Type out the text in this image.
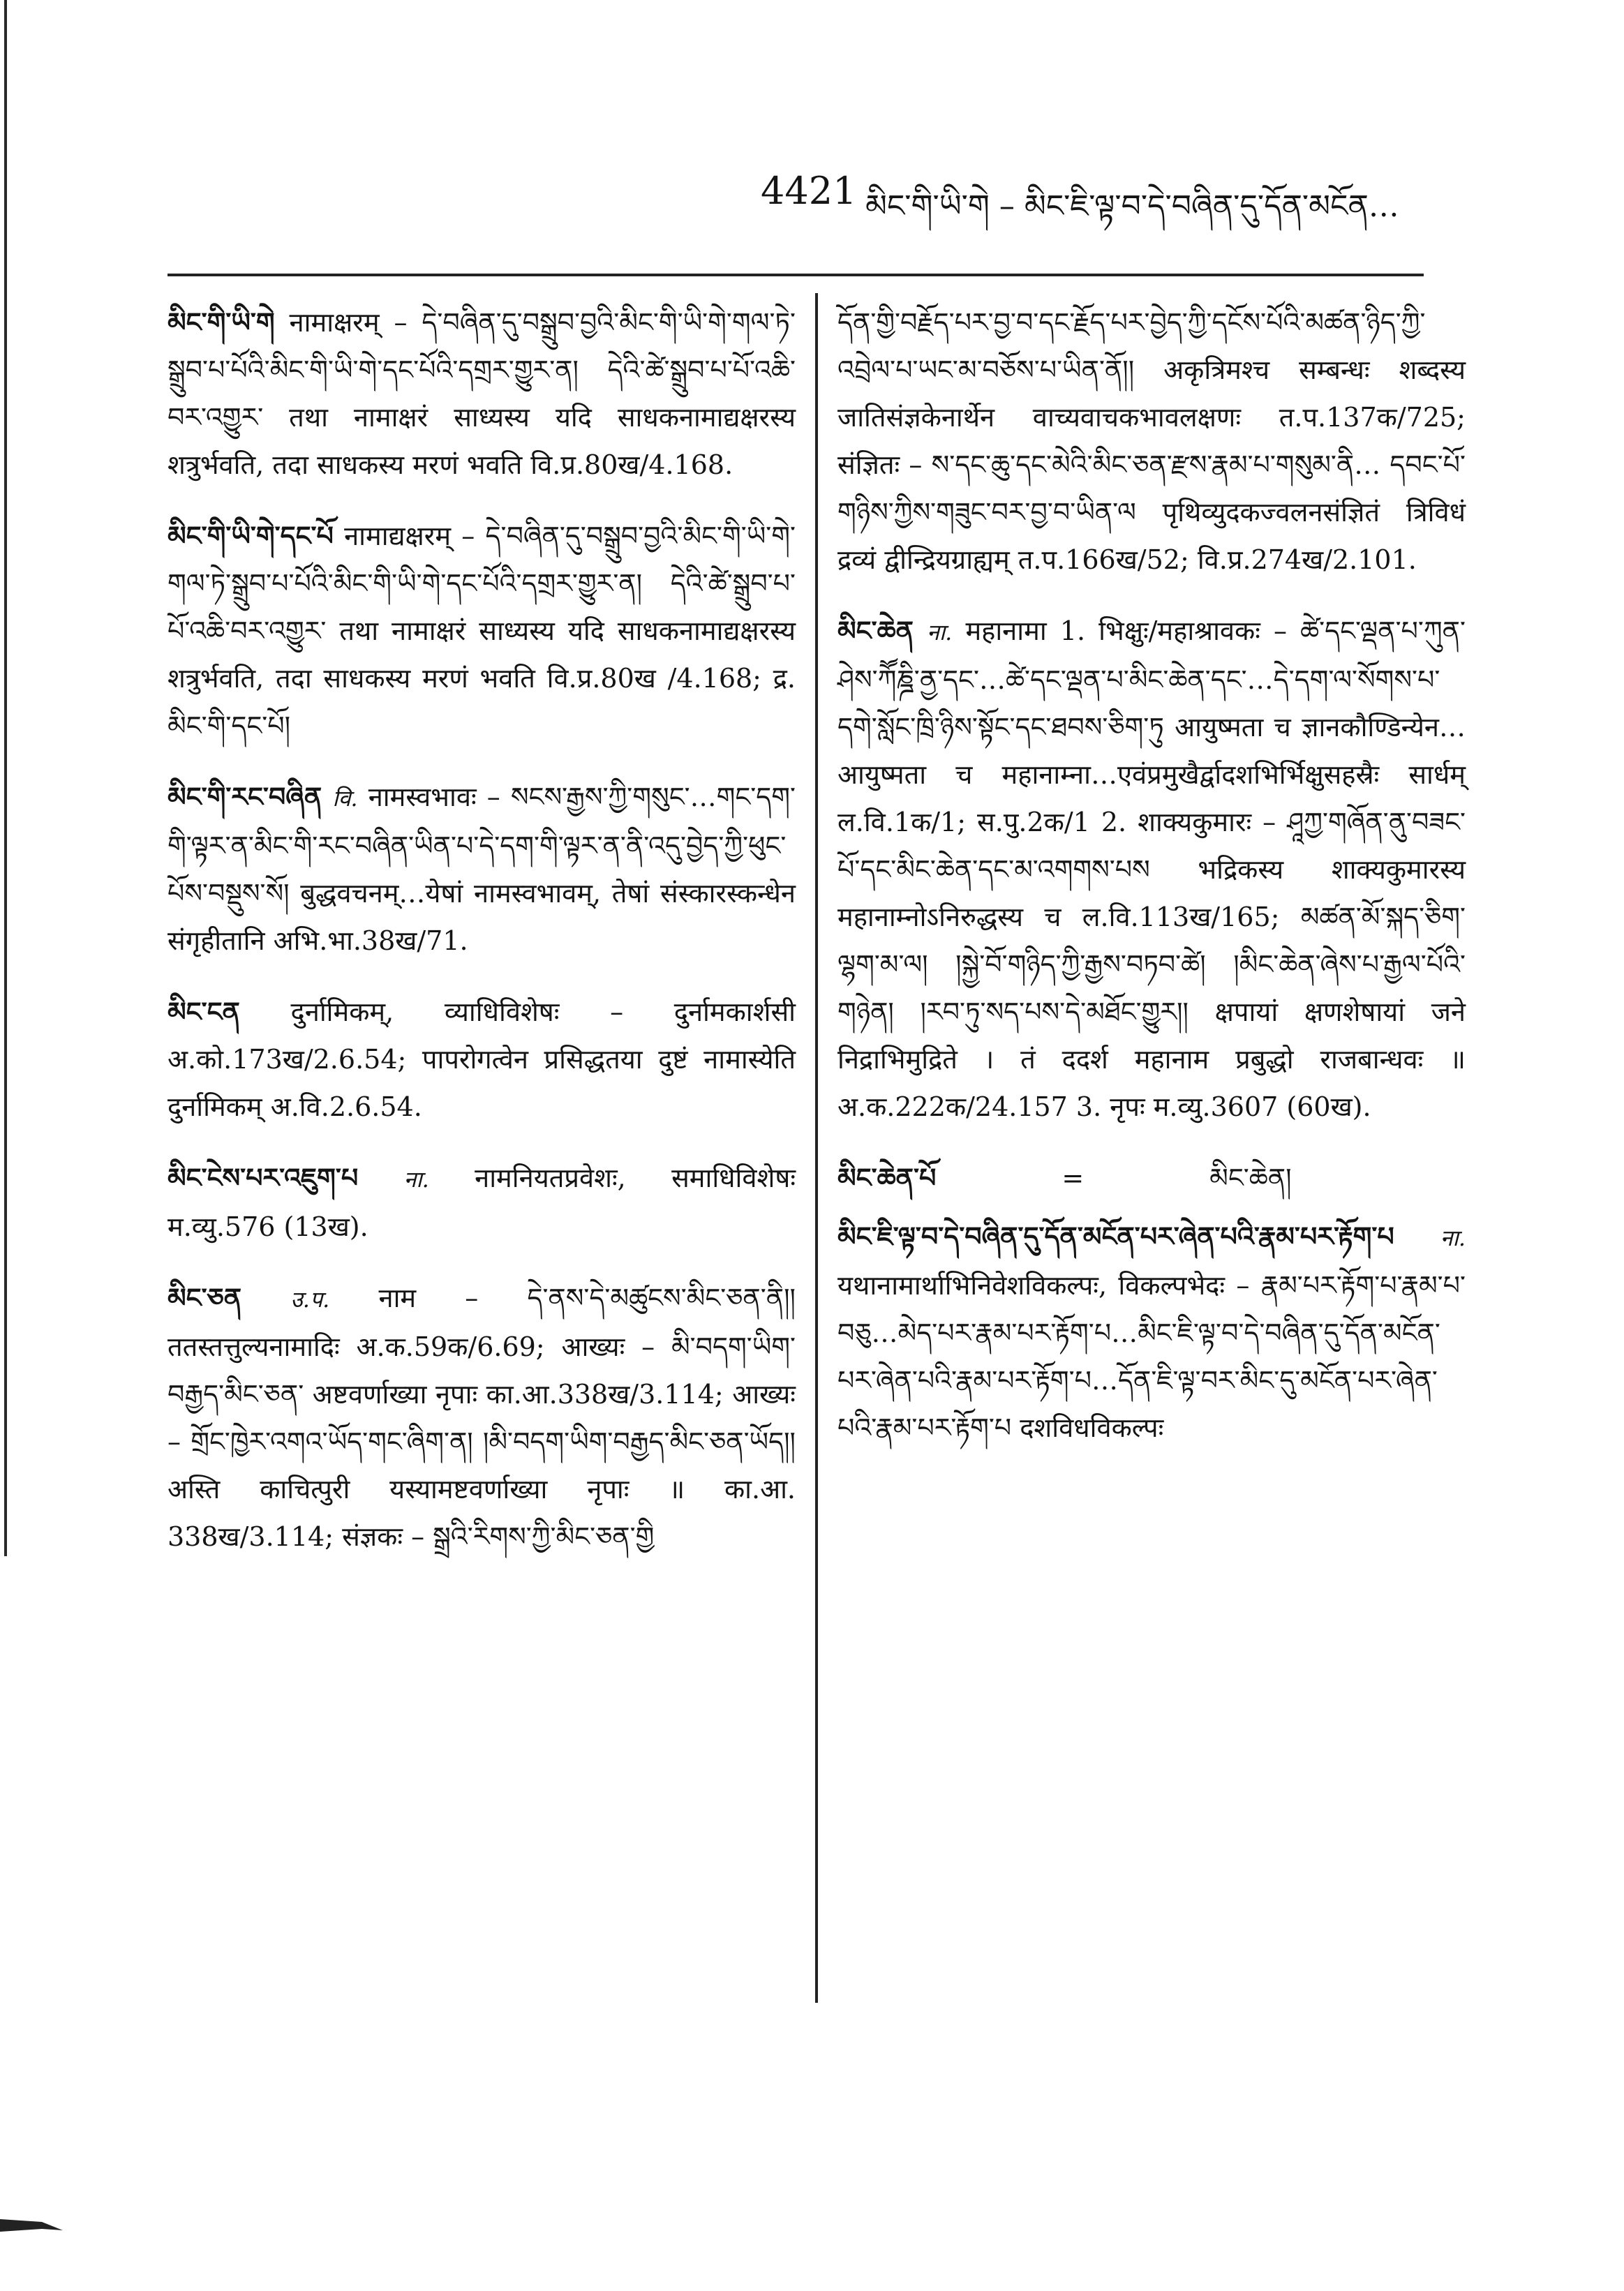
4421 མིང་གི་ཡི་གེ – མིང་ཇི་ལྟ་བ་དེ་བཞིན་དུ་དོན་མངོན…

མིང་གི་ཡི་གེ नामाक्षरम् – དེ་བཞིན་དུ་བསྒྲུབ་བྱའི་མིང་གི་ཡི་གེ་གལ་ཏེ་སྒྲུབ་པ་པོའི་མིང་གི་ཡི་གེ་དང་པོའི་དགྲར་གྱུར་ན། དེའི་ཚེ་སྒྲུབ་པ་པོ་འཆི་བར་འགྱུར་ तथा नामाक्षरं साध्यस्य यदि साधकनामाद्यक्षरस्य शत्रुर्भवति, तदा साधकस्य मरणं भवति वि.प्र.80ख/4.168.

མིང་གི་ཡི་གེ་དང་པོ नामाद्यक्षरम् – དེ་བཞིན་དུ་བསྒྲུབ་བྱའི་མིང་གི་ཡི་གེ་གལ་ཏེ་སྒྲུབ་པ་པོའི་མིང་གི་ཡི་གེ་དང་པོའི་དགྲར་གྱུར་ན། དེའི་ཚེ་སྒྲུབ་པ་པོ་འཆི་བར་འགྱུར་ तथा नामाक्षरं साध्यस्य यदि साधकनामाद्यक्षरस्य शत्रुर्भवति, तदा साधकस्य मरणं भवति वि.प्र.80ख /4.168; द्र. མིང་གི་དང་པོ།

མིང་གི་རང་བཞིན वि. नामस्वभावः – སངས་རྒྱས་ཀྱི་གསུང་…གང་དག་གི་ལྟར་ན་མིང་གི་རང་བཞིན་ཡིན་པ་དེ་དག་གི་ལྟར་ན་ནི་འདུ་བྱེད་ཀྱི་ཕུང་པོས་བསྡུས་སོ། बुद्धवचनम्…येषां नामस्वभावम्, तेषां संस्कारस्कन्धेन संगृहीतानि अभि.भा.38ख/71.

མིང་ངན दुर्नामिकम्, व्याधिविशेषः – दुर्नामकार्शसी अ.को.173ख/2.6.54; पापरोगत्वेन प्रसिद्धतया दुष्टं नामास्येति दुर्नामिकम् अ.वि.2.6.54.

མིང་ངེས་པར་འཇུག་པ ना. नामनियतप्रवेशः, समाधिविशेषः म.व्यु.576 (13ख).

མིང་ཅན उ.प. नाम – དེ་ནས་དེ་མཚུངས་མིང་ཅན་ནི།། ततस्तत्तुल्यनामादिः अ.क.59क/6.69; आख्यः – མི་བདག་ཡིག་བརྒྱད་མིང་ཅན་ अष्टवर्णाख्या नृपाः का.आ.338ख/3.114; आख्यः – གྲོང་ཁྱེར་འགའ་ཡོད་གང་ཞིག་ན། །མི་བདག་ཡིག་བརྒྱད་མིང་ཅན་ཡོད།། अस्ति काचित्पुरी यस्यामष्टवर्णाख्या नृपाः ॥ का.आ. 338ख/3.114; संज्ञकः – སྒྲའི་རིགས་ཀྱི་མིང་ཅན་གྱི

དོན་གྱི་བརྗོད་པར་བྱ་བ་དང་རྗོད་པར་བྱེད་ཀྱི་དངོས་པོའི་མཚན་ཉིད་ཀྱི་འབྲེལ་པ་ཡང་མ་བཅོས་པ་ཡིན་ནོ།། अकृत्रिमश्च सम्बन्धः शब्दस्य जातिसंज्ञकेनार्थेन वाच्यवाचकभावलक्षणः त.प.137क/725; संज्ञितः – ས་དང་ཆུ་དང་མེའི་མིང་ཅན་རྫས་རྣམ་པ་གསུམ་ནི… དབང་པོ་གཉིས་ཀྱིས་གཟུང་བར་བྱ་བ་ཡིན་ལ पृथिव्युदकज्वलनसंज्ञितं त्रिविधं द्रव्यं द्वीन्द्रियग्राह्यम् त.प.166ख/52; वि.प्र.274ख/2.101.

མིང་ཆེན ना. महानामा 1. भिक्षुः/महाश्रावकः – ཚེ་དང་ལྡན་པ་ཀུན་ཤེས་ཀཽཎྜི་ནྱ་དང་…ཚེ་དང་ལྡན་པ་མིང་ཆེན་དང་…དེ་དག་ལ་སོགས་པ་དགེ་སློང་ཁྲི་ཉིས་སྟོང་དང་ཐབས་ཅིག་ཏུ आयुष्मता च ज्ञानकौण्डिन्येन…आयुष्मता च महानाम्ना…एवंप्रमुखैर्द्वादशभिर्भिक्षुसहस्रैः सार्धम् ल.वि.1क/1; स.पु.2क/1 2. शाक्यकुमारः – ཤཱཀྱ་གཞོན་ནུ་བཟང་པོ་དང་མིང་ཆེན་དང་མ་འགགས་པས भद्रिकस्य शाक्यकुमारस्य महानाम्नोऽनिरुद्धस्य च ल.वि.113ख/165; མཚན་མོ་སྐད་ཅིག་ལྷག་མ་ལ། །སྐྱེ་བོ་གཉིད་ཀྱི་རྒྱས་བཏབ་ཚེ། །མིང་ཆེན་ཞེས་པ་རྒྱལ་པོའི་གཉེན། །རབ་ཏུ་སད་པས་དེ་མཐོང་གྱུར།། क्षपायां क्षणशेषायां जने निद्राभिमुद्रिते । तं ददर्श महानाम प्रबुद्धो राजबान्धवः ॥ अ.क.222क/24.157 3. नृपः म.व्यु.3607 (60ख).

མིང་ཆེན་པོ	=	མིང་ཆེན།

མིང་ཇི་ལྟ་བ་དེ་བཞིན་དུ་དོན་མངོན་པར་ཞེན་པའི་རྣམ་པར་རྟོག་པ ना. यथानामार्थाभिनिवेशविकल्पः, विकल्पभेदः – རྣམ་པར་རྟོག་པ་རྣམ་པ་བཅུ…མེད་པར་རྣམ་པར་རྟོག་པ…མིང་ཇི་ལྟ་བ་དེ་བཞིན་དུ་དོན་མངོན་པར་ཞེན་པའི་རྣམ་པར་རྟོག་པ…དོན་ཇི་ལྟ་བར་མིང་དུ་མངོན་པར་ཞེན་པའི་རྣམ་པར་རྟོག་པ दशविधविकल्पः
